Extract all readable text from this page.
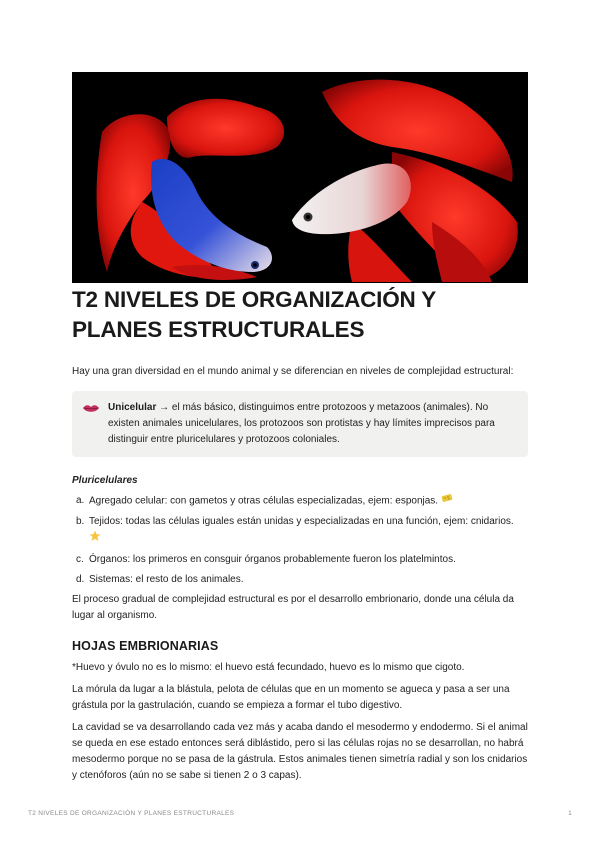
T2 NIVELES DE ORGANIZACIÓN Y PLANES ESTRUCTURALES

Hay una gran diversidad en el mundo animal y se diferencian en niveles de complejidad estructural:

Unicelular → el más básico, distinguimos entre protozoos y metazoos (animales). No existen animales unicelulares, los protozoos son protistas y hay límites imprecisos para distinguir entre pluricelulares y protozoos coloniales.
Pluricelulares
a. Agregado celular: con gametos y otras células especializadas, ejem: esponjas.
b. Tejidos: todas las células iguales están unidas y especializadas en una función, ejem: cnidarios.

c. Órganos: los primeros en consguir órganos probablemente fueron los platelmintos.
d. Sistemas: el resto de los animales.

El proceso gradual de complejidad estructural es por el desarrollo embrionario, donde una célula da lugar al organismo.

HOJAS EMBRIONARIAS

*Huevo y óvulo no es lo mismo: el huevo está fecundado, huevo es lo mismo que cigoto.

La mórula da lugar a la blástula, pelota de células que en un momento se agueca y pasa a ser una grástula por la gastrulación, cuando se empieza a formar el tubo digestivo.

La cavidad se va desarrollando cada vez más y acaba dando el mesodermo y endodermo. Si el animal se queda en ese estado entonces será diblástido, pero si las células rojas no se desarrollan, no habrá mesodermo porque no se pasa de la gástrula. Estos animales tienen simetría radial y son los cnidarios y ctenóforos (aún no se sabe si tienen 2 o 3 capas).

T2 NIVELES DE ORGANIZACIÓN Y PLANES ESTRUCTURALES	1
